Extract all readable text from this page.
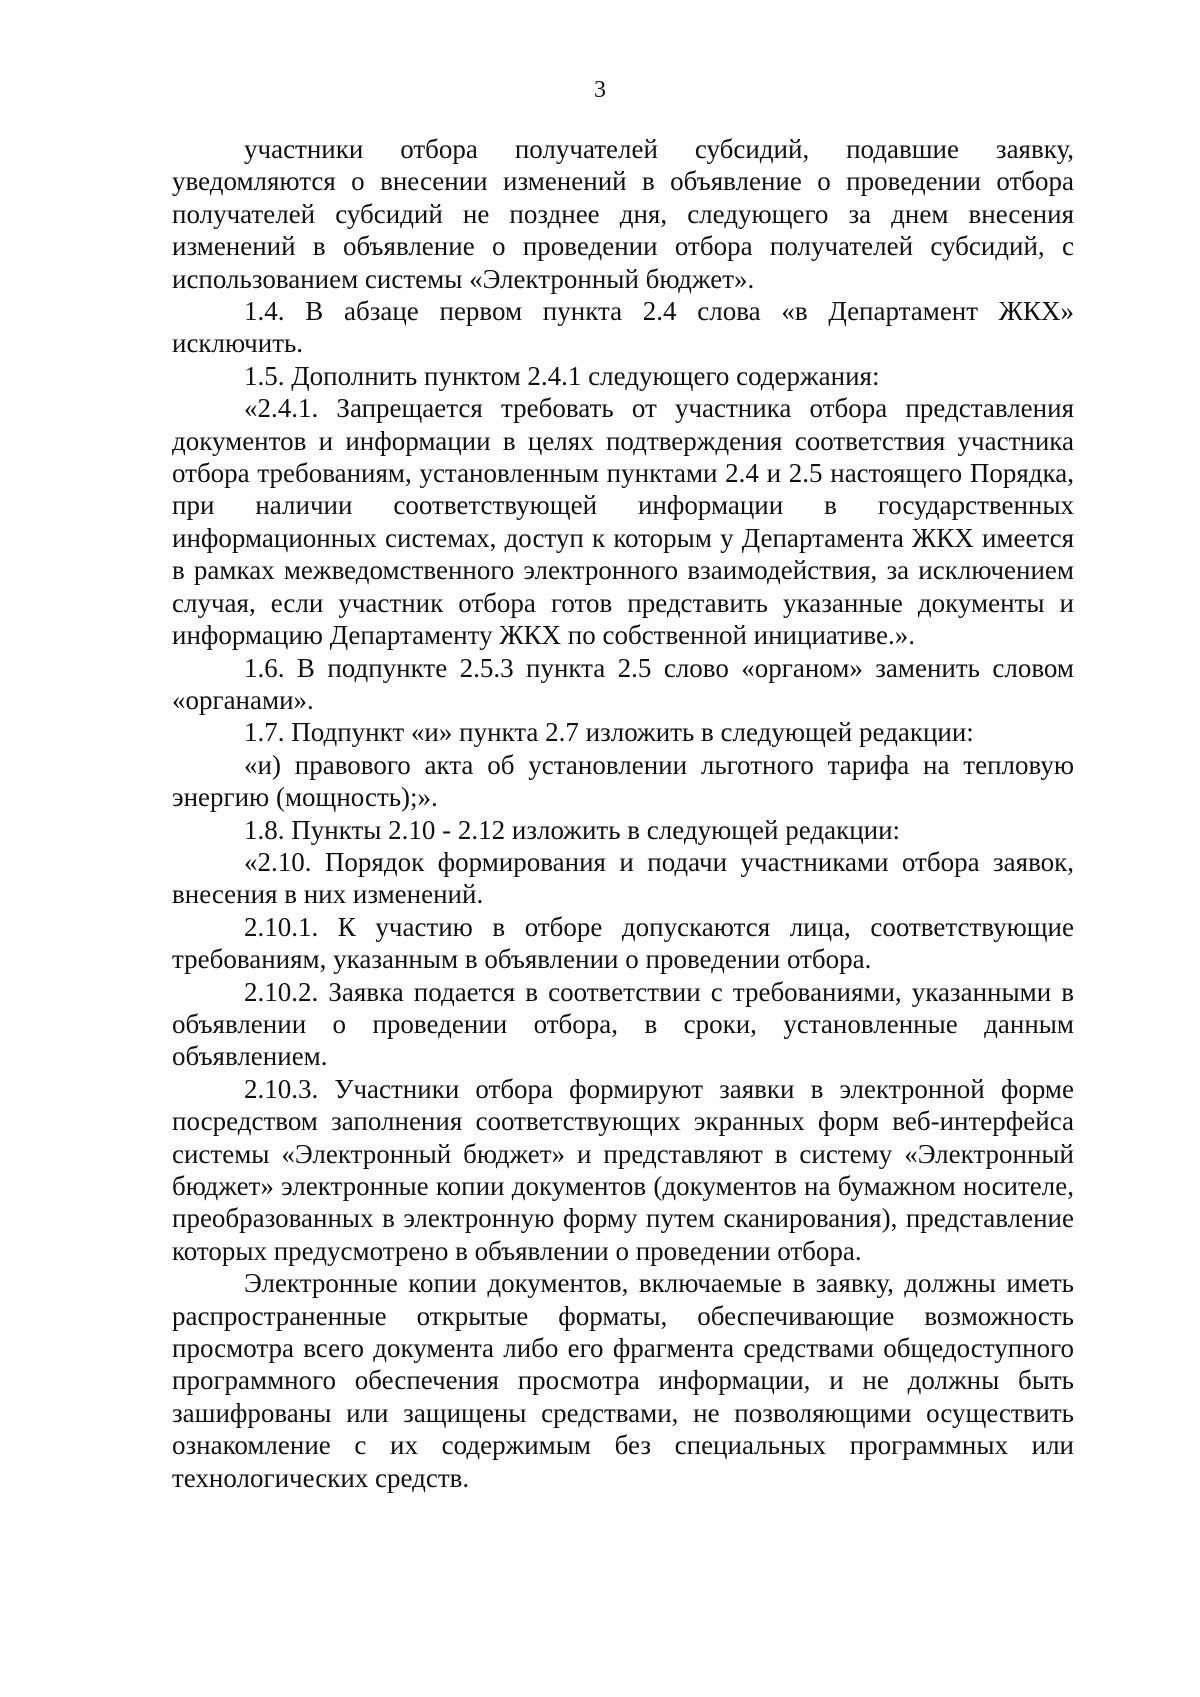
3

участники отбора получателей субсидий, подавшие заявку, уведомляются о внесении изменений в объявление о проведении отбора получателей субсидий не позднее дня, следующего за днем внесения изменений в объявление о проведении отбора получателей субсидий, с использованием системы «Электронный бюджет».

1.4. В абзаце первом пункта 2.4 слова «в Департамент ЖКХ» исключить.

1.5. Дополнить пунктом 2.4.1 следующего содержания:

«2.4.1. Запрещается требовать от участника отбора представления документов и информации в целях подтверждения соответствия участника отбора требованиям, установленным пунктами 2.4 и 2.5 настоящего Порядка, при наличии соответствующей информации в государственных информационных системах, доступ к которым у Департамента ЖКХ имеется в рамках межведомственного электронного взаимодействия, за исключением случая, если участник отбора готов представить указанные документы и информацию Департаменту ЖКХ по собственной инициативе.».

1.6. В подпункте 2.5.3 пункта 2.5 слово «органом» заменить словом «органами».

1.7. Подпункт «и» пункта 2.7 изложить в следующей редакции:

«и) правового акта об установлении льготного тарифа на тепловую энергию (мощность);».

1.8. Пункты 2.10 - 2.12 изложить в следующей редакции:

«2.10. Порядок формирования и подачи участниками отбора заявок, внесения в них изменений.

2.10.1. К участию в отборе допускаются лица, соответствующие требованиям, указанным в объявлении о проведении отбора.

2.10.2. Заявка подается в соответствии с требованиями, указанными в объявлении о проведении отбора, в сроки, установленные данным объявлением.

2.10.3. Участники отбора формируют заявки в электронной форме посредством заполнения соответствующих экранных форм веб-интерфейса системы «Электронный бюджет» и представляют в систему «Электронный бюджет» электронные копии документов (документов на бумажном носителе, преобразованных в электронную форму путем сканирования), представление которых предусмотрено в объявлении о проведении отбора.

Электронные копии документов, включаемые в заявку, должны иметь распространенные открытые форматы, обеспечивающие возможность просмотра всего документа либо его фрагмента средствами общедоступного программного обеспечения просмотра информации, и не должны быть зашифрованы или защищены средствами, не позволяющими осуществить ознакомление с их содержимым без специальных программных или технологических средств.
